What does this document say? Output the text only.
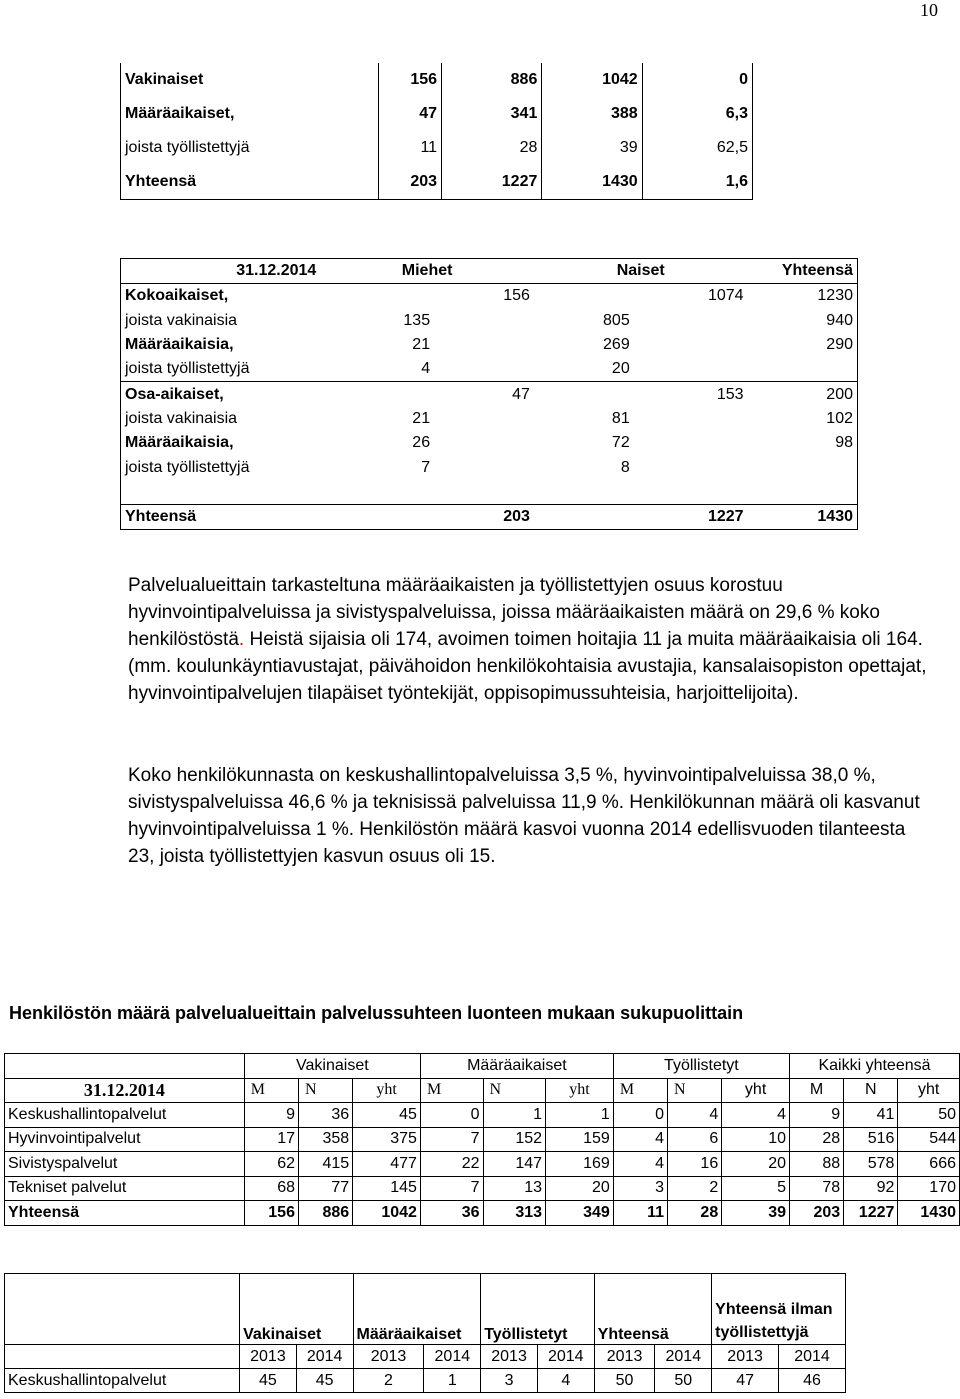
10
Vakinaiset	156	886	1042	0
Määräaikaiset,	47	341	388	6,3
joista työllistettyjä	11	28	39	62,5
Yhteensä	203	1227	1430	1,6
31.12.2014	Miehet		Naiset		Yhteensä
Kokoaikaiset,		156		1074	1230
joista vakinaisia	135		805		940
Määräaikaisia,	21		269		290
joista työllistettyjä	4		20		
Osa-aikaiset,		47		153	200
joista vakinaisia	21		81		102
Määräaikaisia,	26		72		98
joista työllistettyjä	7		8		

Yhteensä		203		1227	1430
Palvelualueittain tarkasteltuna määräaikaisten ja työllistettyjen osuus korostuu hyvinvointipalveluissa ja sivistyspalveluissa, joissa määräaikaisten määrä on 29,6 % koko henkilöstöstä. Heistä sijaisia oli 174, avoimen toimen hoitajia 11 ja muita määräaikaisia oli 164. (mm. koulunkäyntiavustajat, päivähoidon henkilökohtaisia avustajia, kansalaisopiston opettajat, hyvinvointipalvelujen tilapäiset työntekijät, oppisopimussuhteisia, harjoittelijoita).
Koko henkilökunnasta on keskushallintopalveluissa 3,5 %, hyvinvointipalveluissa 38,0 %, sivistyspalveluissa 46,6 % ja teknisissä palveluissa 11,9 %. Henkilökunnan määrä oli kasvanut hyvinvointipalveluissa 1 %. Henkilöstön määrä kasvoi vuonna 2014 edellisvuoden tilanteesta 23, joista työllistettyjen kasvun osuus oli 15.
Henkilöstön määrä palvelualueittain palvelussuhteen luonteen mukaan sukupuolittain
	Vakinaiset			Määräaikaiset			Työllistetyt			Kaikki yhteensä		
31.12.2014	M	N	yht	M	N	yht	M	N	yht	M	N	yht
Keskushallintopalvelut	9	36	45	0	1	1	0	4	4	9	41	50
Hyvinvointipalvelut	17	358	375	7	152	159	4	6	10	28	516	544
Sivistyspalvelut	62	415	477	22	147	169	4	16	20	88	578	666
Tekniset palvelut	68	77	145	7	13	20	3	2	5	78	92	170
Yhteensä	156	886	1042	36	313	349	11	28	39	203	1227	1430
	Vakinaiset		Määräaikaiset		Työllistetyt		Yhteensä		Yhteensä ilman työllistettyjä	
	2013	2014	2013	2014	2013	2014	2013	2014	2013	2014
Keskushallintopalvelut	45	45	2	1	3	4	50	50	47	46
